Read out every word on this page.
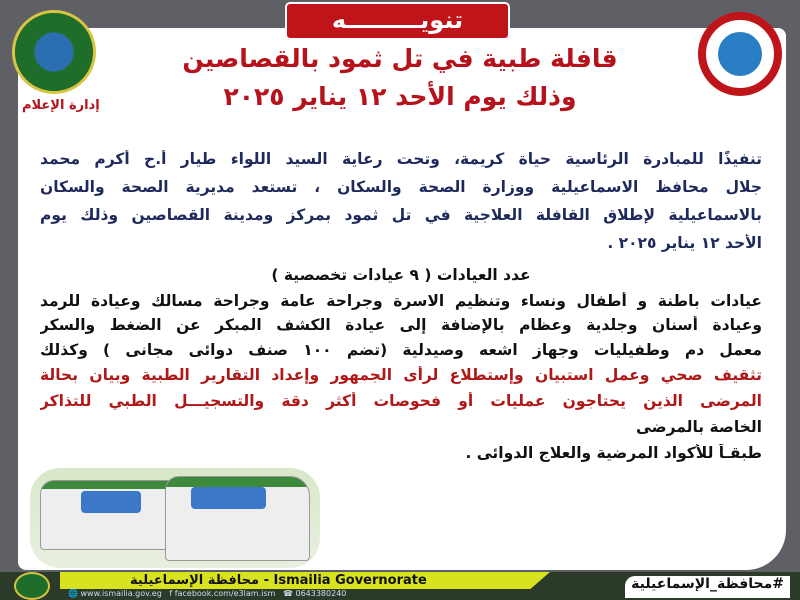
تنويـــــــــه
إدارة الإعلام
قافلة طبية في تل ثمود بالقصاصين
وذلك يوم الأحد ١٢ يناير ٢٠٢٥
تنفيذًا للمبادرة الرئاسية حياة كريمة، وتحت رعاية السيد اللواء طيار أ.ح أكرم محمد
جلال محافظ الاسماعيلية ووزارة الصحة والسكان ، تستعد مديرية الصحة والسكان
بالاسماعيلية لإطلاق القافلة العلاجية في تل ثمود بمركز ومدينة القصاصين وذلك يوم
الأحد ١٢ يناير ٢٠٢٥ .
عدد العيادات ( ٩ عيادات تخصصية )
عيادات باطنة و أطفال ونساء وتنظيم الاسرة وجراحة عامة وجراحة مسالك وعيادة للرمد
وعيادة أسنان وجلدية وعظام بالإضافة إلى عيادة الكشف المبكر عن الضغط والسكر
معمل دم وطفيليات وجهاز اشعه وصيدلية (تضم ١٠٠ صنف دوائى مجانى ) وكذلك
تثقيف صحي وعمل استبيان وإستطلاع لرأى الجمهور وإعداد التقارير الطبية وبيان بحالة
المرضى الذين يحتاجون عمليات أو فحوصات أكثر دقة والتسجيـــل الطبي للتذاكر
الخاصة بالمرضى
طبقـاً للأكواد المرضية والعلاج الدوائى .
محافظة الإسماعيلية - Ismailia Governorate
🌐 www.ismailia.gov.eg f facebook.com/e3lam.ism ☎ 0643380240
#محافظة_الإسماعيلية
